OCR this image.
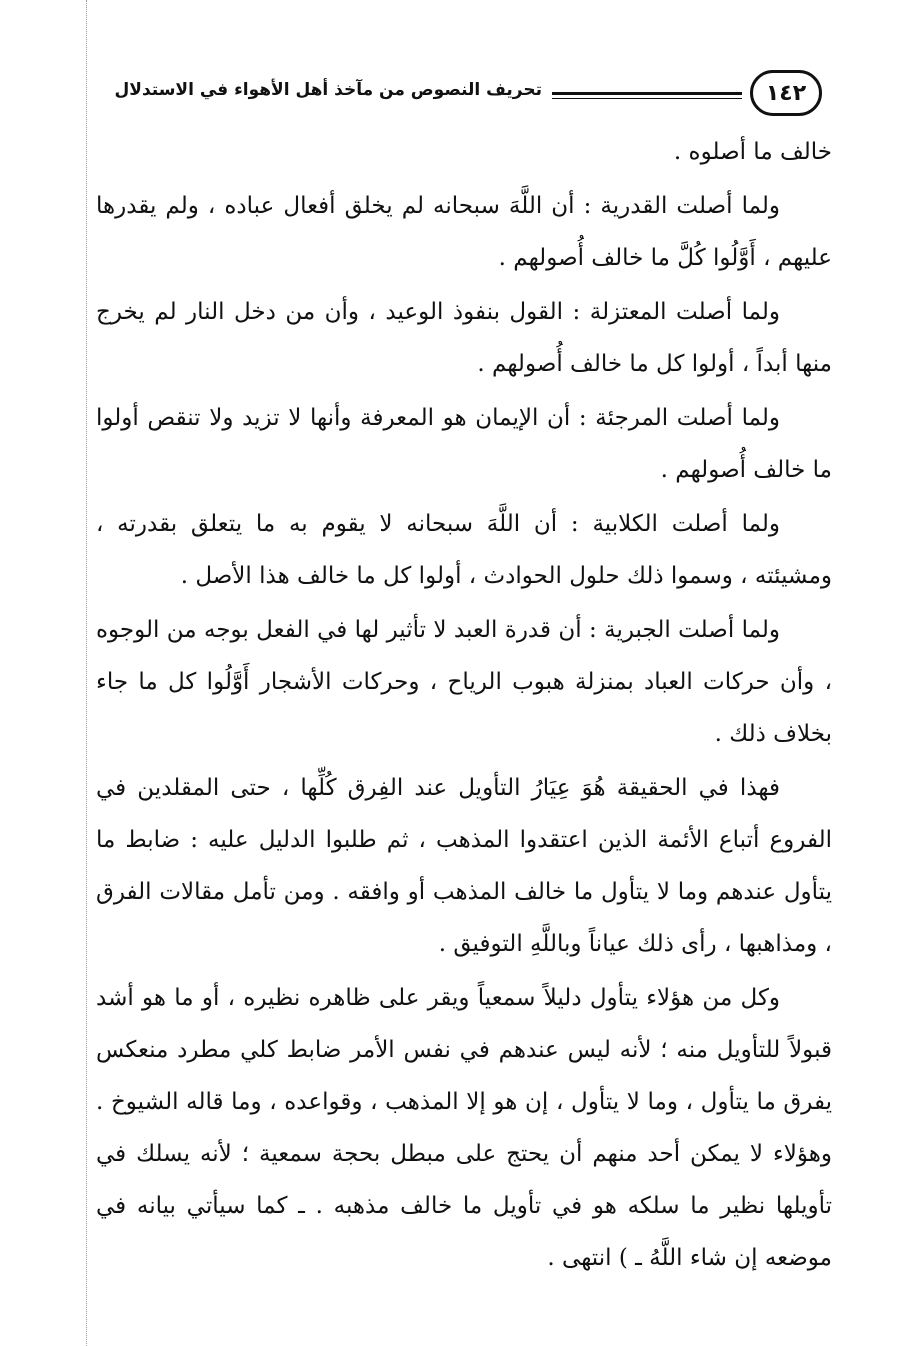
تحريف النصوص من مآخذ أهل الأهواء في الاستدلال	١٤٢

خالف ما أصلوه .

ولما أصلت القدرية : أن اللَّهَ سبحانه لم يخلق أفعال عباده ، ولم يقدرها عليهم ، أَوَّلُوا كُلَّ ما خالف أُصولهم .

ولما أصلت المعتزلة : القول بنفوذ الوعيد ، وأن من دخل النار لم يخرج منها أبداً ، أولوا كل ما خالف أُصولهم .

ولما أصلت المرجئة : أن الإيمان هو المعرفة وأنها لا تزيد ولا تنقص أولوا ما خالف أُصولهم .

ولما أصلت الكلابية : أن اللَّهَ سبحانه لا يقوم به ما يتعلق بقدرته ، ومشيئته ، وسموا ذلك حلول الحوادث ، أولوا كل ما خالف هذا الأصل .

ولما أصلت الجبرية : أن قدرة العبد لا تأثير لها في الفعل بوجه من الوجوه ، وأن حركات العباد بمنزلة هبوب الرياح ، وحركات الأشجار أَوَّلُوا كل ما جاء بخلاف ذلك .

فهذا في الحقيقة هُوَ عِيَارُ التأويل عند الفِرق كُلِّها ، حتى المقلدين في الفروع أتباع الأئمة الذين اعتقدوا المذهب ، ثم طلبوا الدليل عليه : ضابط ما يتأول عندهم وما لا يتأول ما خالف المذهب أو وافقه . ومن تأمل مقالات الفرق ، ومذاهبها ، رأى ذلك عياناً وباللَّهِ التوفيق .

وكل من هؤلاء يتأول دليلاً سمعياً ويقر على ظاهره نظيره ، أو ما هو أشد قبولاً للتأويل منه ؛ لأنه ليس عندهم في نفس الأمر ضابط كلي مطرد منعكس يفرق ما يتأول ، وما لا يتأول ، إن هو إلا المذهب ، وقواعده ، وما قاله الشيوخ . وهؤلاء لا يمكن أحد منهم أن يحتج على مبطل بحجة سمعية ؛ لأنه يسلك في تأويلها نظير ما سلكه هو في تأويل ما خالف مذهبه . ـ كما سيأتي بيانه في موضعه إن شاء اللَّهُ ـ ) انتهى .
